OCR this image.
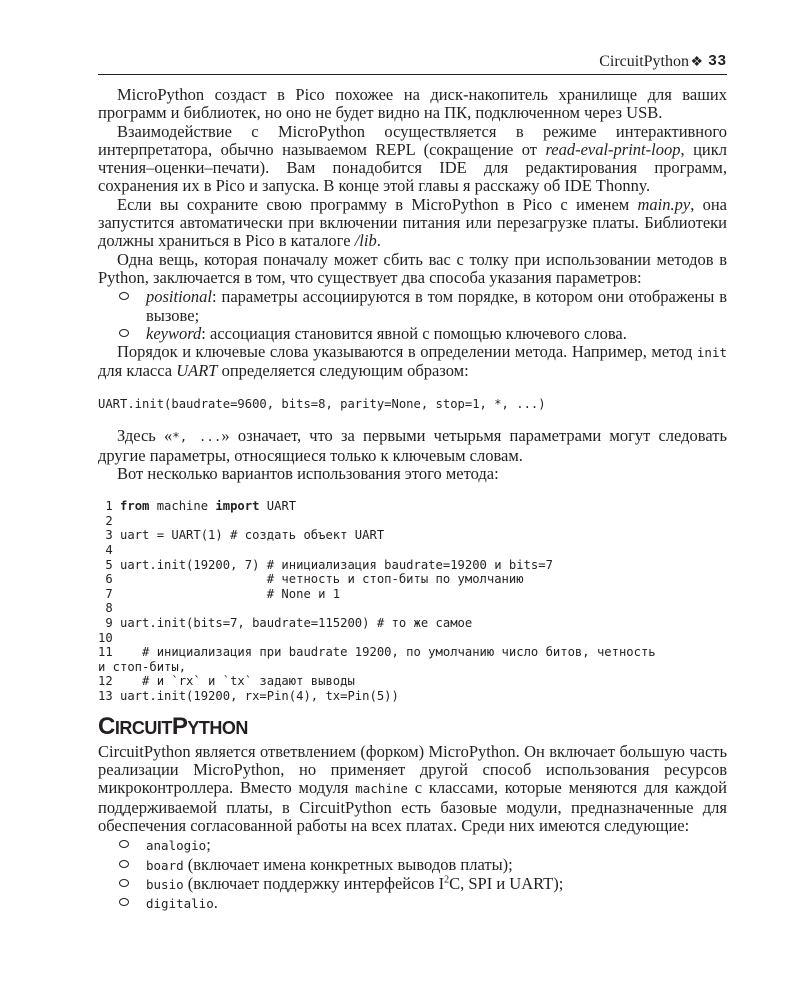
CircuitPython ❖ 33

MicroPython создаст в Pico похожее на диск-накопитель хранилище для ваших программ и библиотек, но оно не будет видно на ПК, подключенном через USB.

Взаимодействие с MicroPython осуществляется в режиме интерактивного интерпретатора, обычно называемом REPL (сокращение от read-eval-print-loop, цикл чтения–оценки–печати). Вам понадобится IDE для редактирования программ, сохранения их в Pico и запуска. В конце этой главы я расскажу об IDE Thonny.

Если вы сохраните свою программу в MicroPython в Pico с именем main.py, она запустится автоматически при включении питания или перезагрузке платы. Библиотеки должны храниться в Pico в каталоге /lib.

Одна вещь, которая поначалу может сбить вас с толку при использовании методов в Python, заключается в том, что существует два способа указания параметров:

positional: параметры ассоциируются в том порядке, в котором они отображены в вызове;
keyword: ассоциация становится явной с помощью ключевого слова.

Порядок и ключевые слова указываются в определении метода. Например, метод init для класса UART определяется следующим образом:

UART.init(baudrate=9600, bits=8, parity=None, stop=1, *, ...)

Здесь «*, ...» означает, что за первыми четырьмя параметрами могут следовать другие параметры, относящиеся только к ключевым словам.

Вот несколько вариантов использования этого метода:

1 from machine import UART
2
3 uart = UART(1) # создать объект UART
4
5 uart.init(19200, 7) # инициализация baudrate=19200 и bits=7
6                     # четность и стоп-биты по умолчанию
7                     # None и 1
8
9 uart.init(bits=7, baudrate=115200) # то же самое
10
11    # инициализация при baudrate 19200, по умолчанию число битов, четность
и стоп-биты,
12    # и `rx` и `tx` задают выводы
13 uart.init(19200, rx=Pin(4), tx=Pin(5))
CIRCUITPYTHON

CircuitPython является ответвлением (форком) MicroPython. Он включает большую часть реализации MicroPython, но применяет другой способ использования ресурсов микроконтроллера. Вместо модуля machine с классами, которые меняются для каждой поддерживаемой платы, в CircuitPython есть базовые модули, предназначенные для обеспечения согласованной работы на всех платах. Среди них имеются следующие:

analogio;
board (включает имена конкретных выводов платы);
busio (включает поддержку интерфейсов $I^2C$, SPI и UART);
digitalio.
